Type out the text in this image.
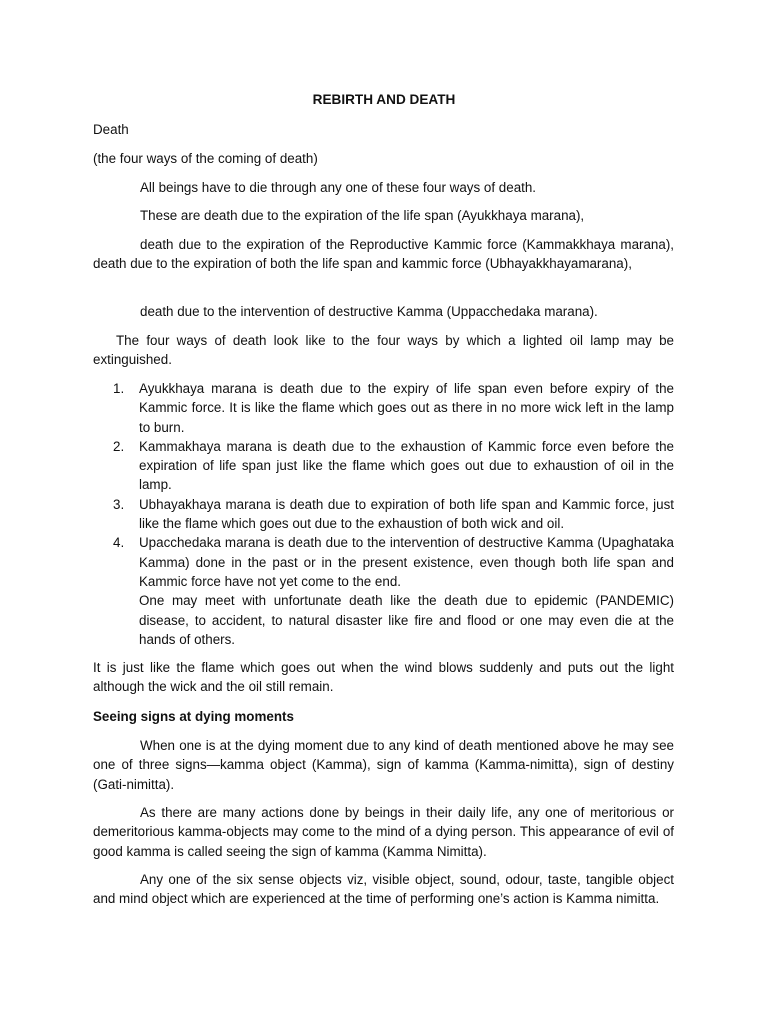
REBIRTH AND DEATH

Death

(the four ways of the coming of death)

All beings have to die through any one of these four ways of death.

These are death due to the expiration of the life span (Ayukkhaya marana),

death due to the expiration of the Reproductive Kammic force (Kammakkhaya marana), death due to the expiration of both the life span and kammic force (Ubhayakkhayamarana),

death due to the intervention of destructive Kamma (Uppacchedaka marana).

The four ways of death look like to the four ways by which a lighted oil lamp may be extinguished.

1. Ayukkhaya marana is death due to the expiry of life span even before expiry of the Kammic force. It is like the flame which goes out as there in no more wick left in the lamp to burn.
2. Kammakhaya marana is death due to the exhaustion of Kammic force even before the expiration of life span just like the flame which goes out due to exhaustion of oil in the lamp.
3. Ubhayakhaya marana is death due to expiration of both life span and Kammic force, just like the flame which goes out due to the exhaustion of both wick and oil.
4. Upacchedaka marana is death due to the intervention of destructive Kamma (Upaghataka Kamma) done in the past or in the present existence, even though both life span and Kammic force have not yet come to the end.
One may meet with unfortunate death like the death due to epidemic (PANDEMIC) disease, to accident, to natural disaster like fire and flood or one may even die at the hands of others.

It is just like the flame which goes out when the wind blows suddenly and puts out the light although the wick and the oil still remain.

Seeing signs at dying moments

When one is at the dying moment due to any kind of death mentioned above he may see one of three signs—kamma object (Kamma), sign of kamma (Kamma-nimitta), sign of destiny (Gati-nimitta).

As there are many actions done by beings in their daily life, any one of meritorious or demeritorious kamma-objects may come to the mind of a dying person. This appearance of evil of good kamma is called seeing the sign of kamma (Kamma Nimitta).

Any one of the six sense objects viz, visible object, sound, odour, taste, tangible object and mind object which are experienced at the time of performing one’s action is Kamma nimitta.
